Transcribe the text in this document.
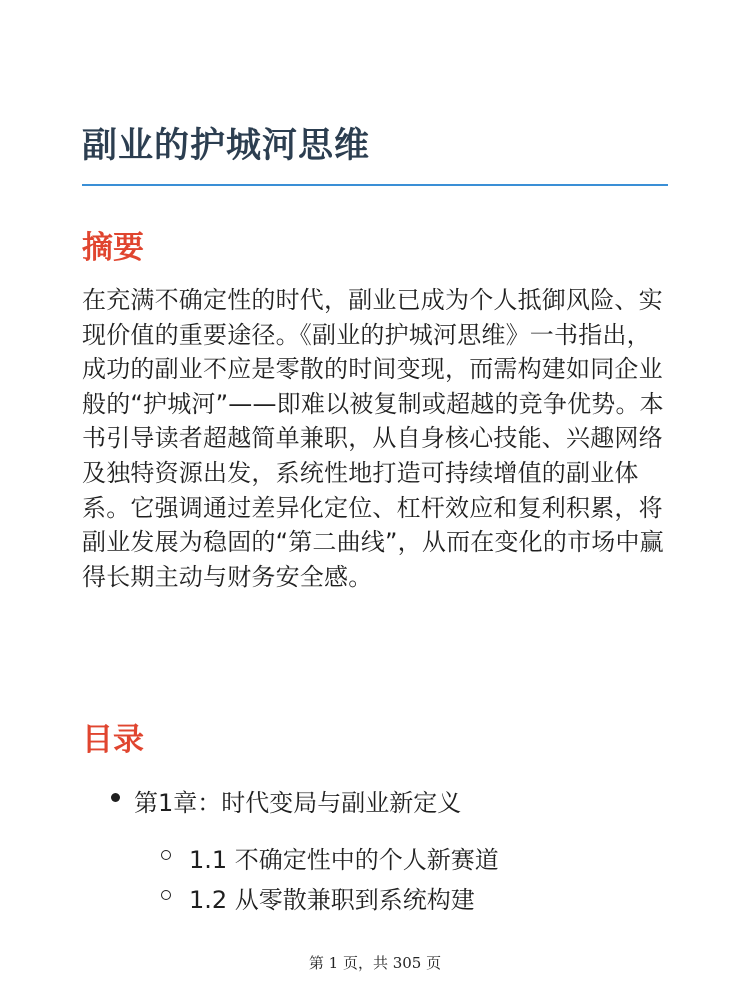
副业的护城河思维
摘要

在充满不确定性的时代，副业已成为个人抵御风险、实现价值的重要途径。《副业的护城河思维》一书指出，成功的副业不应是零散的时间变现，而需构建如同企业般的“护城河”——即难以被复制或超越的竞争优势。本书引导读者超越简单兼职，从自身核心技能、兴趣网络及独特资源出发，系统性地打造可持续增值的副业体系。它强调通过差异化定位、杠杆效应和复利积累，将副业发展为稳固的“第二曲线”，从而在变化的市场中赢得长期主动与财务安全感。

目录
第1章：时代变局与副业新定义
1.1 不确定性中的个人新赛道
1.2 从零散兼职到系统构建
第 1 页，共 305 页
